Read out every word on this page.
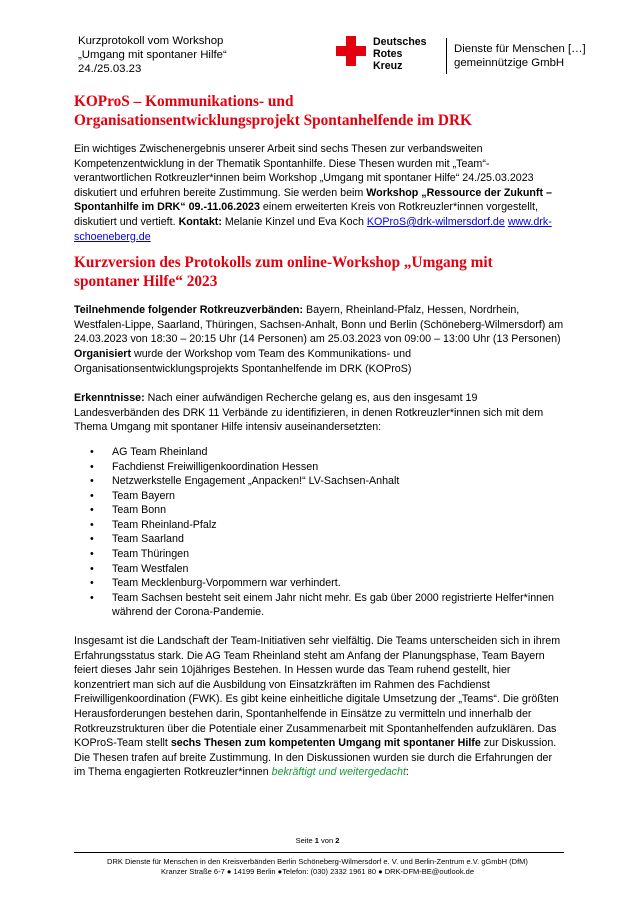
Kurzprotokoll vom Workshop
„Umgang mit spontaner Hilfe“
24./25.03.23
Deutsches
Rotes
Kreuz
Dienste für Menschen […]
gemeinnützige GmbH
KOProS – Kommunikations- und
Organisationsentwicklungsprojekt Spontanhelfende im DRK

Ein wichtiges Zwischenergebnis unserer Arbeit sind sechs Thesen zur verbandsweiten Kompetenzentwicklung in der Thematik Spontanhilfe. Diese Thesen wurden mit „Team“-verantwortlichen Rotkreuzler*innen beim Workshop „Umgang mit spontaner Hilfe“ 24./25.03.2023 diskutiert und erfuhren bereite Zustimmung. Sie werden beim Workshop „Ressource der Zukunft – Spontanhilfe im DRK“ 09.-11.06.2023 einem erweiterten Kreis von Rotkreuzler*innen vorgestellt, diskutiert und vertieft. Kontakt: Melanie Kinzel und Eva Koch KOProS@drk-wilmersdorf.de www.drk-schoeneberg.de

Kurzversion des Protokolls zum online-Workshop „Umgang mit
spontaner Hilfe“ 2023

Teilnehmende folgender Rotkreuzverbänden: Bayern, Rheinland-Pfalz, Hessen, Nordrhein, Westfalen-Lippe, Saarland, Thüringen, Sachsen-Anhalt, Bonn und Berlin (Schöneberg-Wilmersdorf) am 24.03.2023 von 18:30 – 20:15 Uhr (14 Personen) am 25.03.2023 von 09:00 – 13:00 Uhr (13 Personen) Organisiert wurde der Workshop vom Team des Kommunikations- und Organisationsentwicklungsprojekts Spontanhelfende im DRK (KOProS)

Erkenntnisse: Nach einer aufwändigen Recherche gelang es, aus den insgesamt 19 Landesverbänden des DRK 11 Verbände zu identifizieren, in denen Rotkreuzler*innen sich mit dem Thema Umgang mit spontaner Hilfe intensiv auseinandersetzten:

• AG Team Rheinland
• Fachdienst Freiwilligenkoordination Hessen
• Netzwerkstelle Engagement „Anpacken!“ LV-Sachsen-Anhalt
• Team Bayern
• Team Bonn
• Team Rheinland-Pfalz
• Team Saarland
• Team Thüringen
• Team Westfalen
• Team Mecklenburg-Vorpommern war verhindert.
• Team Sachsen besteht seit einem Jahr nicht mehr. Es gab über 2000 registrierte Helfer*innen während der Corona-Pandemie.

Insgesamt ist die Landschaft der Team-Initiativen sehr vielfältig. Die Teams unterscheiden sich in ihrem Erfahrungsstatus stark. Die AG Team Rheinland steht am Anfang der Planungsphase, Team Bayern feiert dieses Jahr sein 10jähriges Bestehen. In Hessen wurde das Team ruhend gestellt, hier konzentriert man sich auf die Ausbildung von Einsatzkräften im Rahmen des Fachdienst Freiwilligenkoordination (FWK). Es gibt keine einheitliche digitale Umsetzung der „Teams“. Die größten Herausforderungen bestehen darin, Spontanhelfende in Einsätze zu vermitteln und innerhalb der Rotkreuzstrukturen über die Potentiale einer Zusammenarbeit mit Spontanhelfenden aufzuklären. Das KOProS-Team stellt sechs Thesen zum kompetenten Umgang mit spontaner Hilfe zur Diskussion. Die Thesen trafen auf breite Zustimmung. In den Diskussionen wurden sie durch die Erfahrungen der im Thema engagierten Rotkreuzler*innen bekräftigt und weitergedacht:

Seite 1 von 2
DRK Dienste für Menschen in den Kreisverbänden Berlin Schöneberg-Wilmersdorf e. V. und Berlin-Zentrum e.V. gGmbH (DfM)
Kranzer Straße 6-7 ● 14199 Berlin ●Telefon: (030) 2332 1961 80 ● DRK-DFM-BE@outlook.de
